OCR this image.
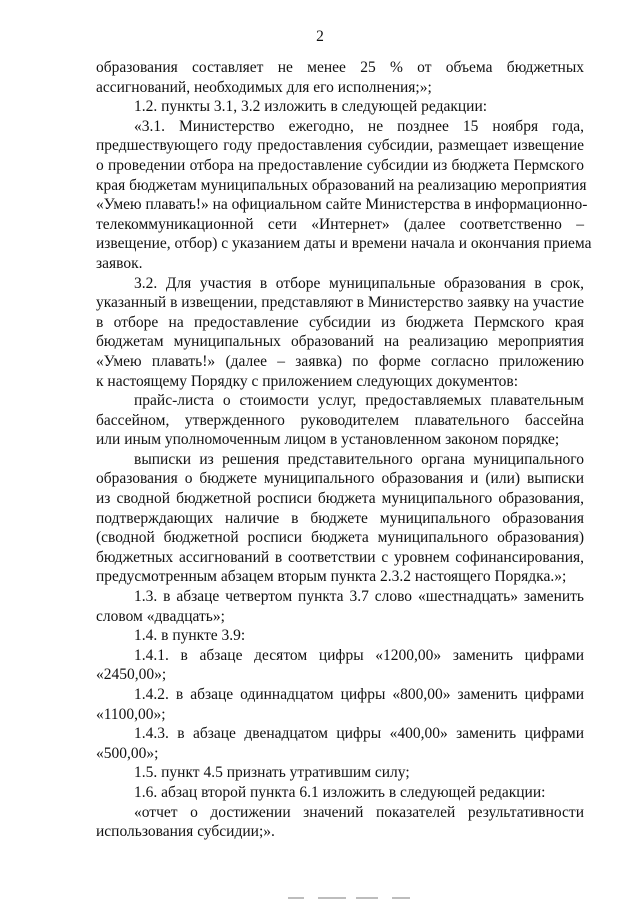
2
образования составляет не менее 25 % от объема бюджетных
ассигнований, необходимых для его исполнения;»;
1.2. пункты 3.1, 3.2 изложить в следующей редакции:
«3.1. Министерство ежегодно, не позднее 15 ноября года,
предшествующего году предоставления субсидии, размещает извещение
о проведении отбора на предоставление субсидии из бюджета Пермского
края бюджетам муниципальных образований на реализацию мероприятия
«Умею плавать!» на официальном сайте Министерства в информационно-
телекоммуникационной сети «Интернет» (далее соответственно –
извещение, отбор) с указанием даты и времени начала и окончания приема
заявок.
3.2. Для участия в отборе муниципальные образования в срок,
указанный в извещении, представляют в Министерство заявку на участие
в отборе на предоставление субсидии из бюджета Пермского края
бюджетам муниципальных образований на реализацию мероприятия
«Умею плавать!» (далее – заявка) по форме согласно приложению
к настоящему Порядку с приложением следующих документов:
прайс-листа о стоимости услуг, предоставляемых плавательным
бассейном, утвержденного руководителем плавательного бассейна
или иным уполномоченным лицом в установленном законом порядке;
выписки из решения представительного органа муниципального
образования о бюджете муниципального образования и (или) выписки
из сводной бюджетной росписи бюджета муниципального образования,
подтверждающих наличие в бюджете муниципального образования
(сводной бюджетной росписи бюджета муниципального образования)
бюджетных ассигнований в соответствии с уровнем софинансирования,
предусмотренным абзацем вторым пункта 2.3.2 настоящего Порядка.»;
1.3. в абзаце четвертом пункта 3.7 слово «шестнадцать» заменить
словом «двадцать»;
1.4. в пункте 3.9:
1.4.1. в абзаце десятом цифры «1200,00» заменить цифрами
«2450,00»;
1.4.2. в абзаце одиннадцатом цифры «800,00» заменить цифрами
«1100,00»;
1.4.3. в абзаце двенадцатом цифры «400,00» заменить цифрами
«500,00»;
1.5. пункт 4.5 признать утратившим силу;
1.6. абзац второй пункта 6.1 изложить в следующей редакции:
«отчет о достижении значений показателей результативности
использования субсидии;».
